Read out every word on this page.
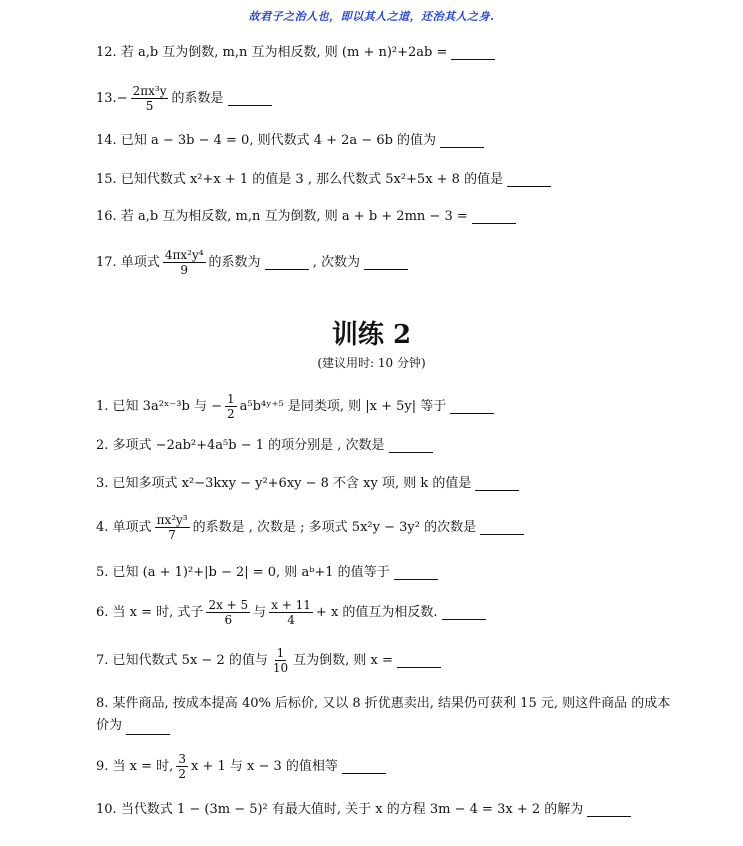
故君子之治人也，即以其人之道，还治其人之身.
12.
若 a,b 互为倒数, m,n 互为相反数, 则 (m + n)²+2ab =
13. − $\frac{\text{2πx³y}}{5}$ 的系数是
14.
已知 a − 3b − 4 = 0, 则代数式 4 + 2a − 6b 的值为
15.
已知代数式 x²+x + 1 的值是 3 , 那么代数式 5x²+5x + 8 的值是
16.
若 a,b 互为相反数, m,n 互为倒数, 则 a + b + 2mn − 3 =
17.
单项式 $\frac{\text{4πx²y⁴}}{9}$ 的系数为
	, 次数为
训练 2
(建议用时: 10 分钟)
1.
已知 3a²ˣ⁻³b 与 − $\frac{1}{2}$ a⁵b⁴ʸ⁺⁵ 是同类项, 则 |x + 5y| 等于
2.
多项式 −2ab²+4a⁵b − 1 的项分别是 , 次数是
3.
已知多项式 x²−3kxy − y²+6xy − 8 不含 xy 项, 则 k 的值是
4.
单项式 $\frac{\text{πx²y³}}{7}$ 的系数是 , 次数是 ; 多项式 5x²y − 3y² 的次数是
5.
已知 (a + 1)²+|b − 2| = 0, 则 aᵇ+1 的值等于
6.
当 x = 时, 式子 $\frac{2x + 5}{6}$ 与 $\frac{x + 11}{4} + x$ 的值互为相反数.
7.
已知代数式 5x − 2 的值与 $\frac{1}{10}$ 互为倒数, 则 x =
8. 某件商品, 按成本提高 40% 后标价, 又以 8 折优惠卖出, 结果仍可获利 15 元, 则这件商品 的成本价为
9.
当 x = 时, $\frac{3}{2}$ x + 1 与 x − 3 的值相等
10.
当代数式 1 − (3m − 5)² 有最大值时, 关于 x 的方程 3m − 4 = 3x + 2 的解为
